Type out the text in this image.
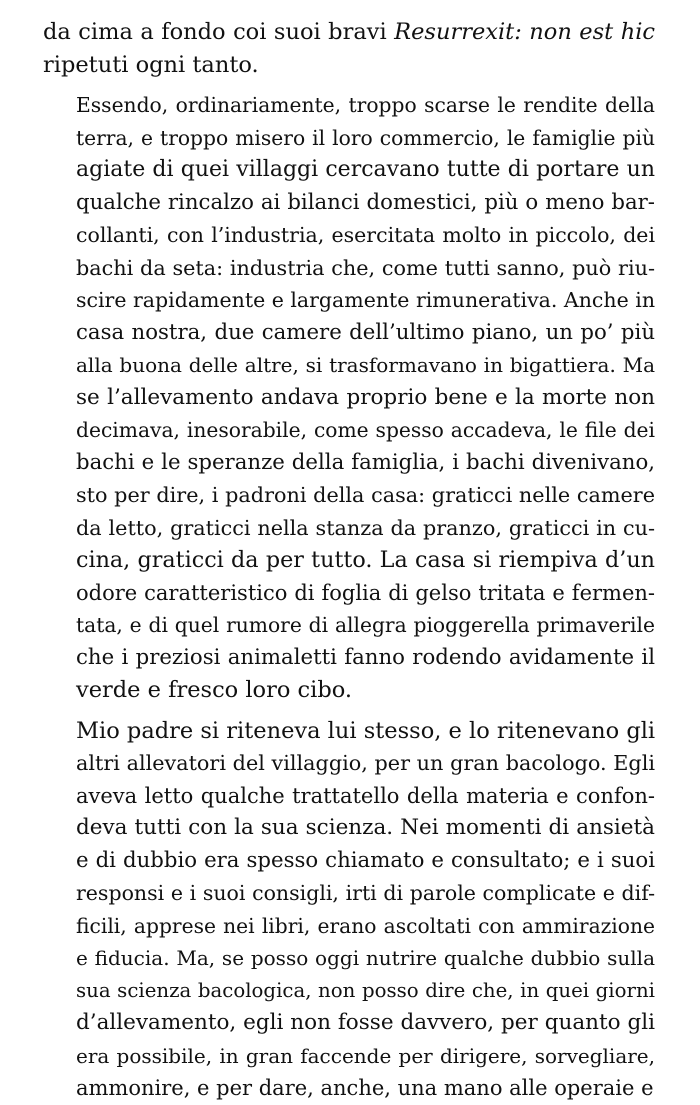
da cima a fondo coi suoi bravi Resurrexit: non est hic
ripetuti ogni tanto.

Essendo, ordinariamente, troppo scarse le rendite della
terra, e troppo misero il loro commercio, le famiglie più
agiate di quei villaggi cercavano tutte di portare un
qualche rincalzo ai bilanci domestici, più o meno bar-
collanti, con l’industria, esercitata molto in piccolo, dei
bachi da seta: industria che, come tutti sanno, può riu-
scire rapidamente e largamente rimunerativa. Anche in
casa nostra, due camere dell’ultimo piano, un po’ più
alla buona delle altre, si trasformavano in bigattiera. Ma
se l’allevamento andava proprio bene e la morte non
decimava, inesorabile, come spesso accadeva, le file dei
bachi e le speranze della famiglia, i bachi divenivano,
sto per dire, i padroni della casa: graticci nelle camere
da letto, graticci nella stanza da pranzo, graticci in cu-
cina, graticci da per tutto. La casa si riempiva d’un
odore caratteristico di foglia di gelso tritata e fermen-
tata, e di quel rumore di allegra pioggerella primaverile
che i preziosi animaletti fanno rodendo avidamente il
verde e fresco loro cibo.

Mio padre si riteneva lui stesso, e lo ritenevano gli
altri allevatori del villaggio, per un gran bacologo. Egli
aveva letto qualche trattatello della materia e confon-
deva tutti con la sua scienza. Nei momenti di ansietà
e di dubbio era spesso chiamato e consultato; e i suoi
responsi e i suoi consigli, irti di parole complicate e dif-
ficili, apprese nei libri, erano ascoltati con ammirazione
e fiducia. Ma, se posso oggi nutrire qualche dubbio sulla
sua scienza bacologica, non posso dire che, in quei giorni
d’allevamento, egli non fosse davvero, per quanto gli
era possibile, in gran faccende per dirigere, sorvegliare,
ammonire, e per dare, anche, una mano alle operaie e
